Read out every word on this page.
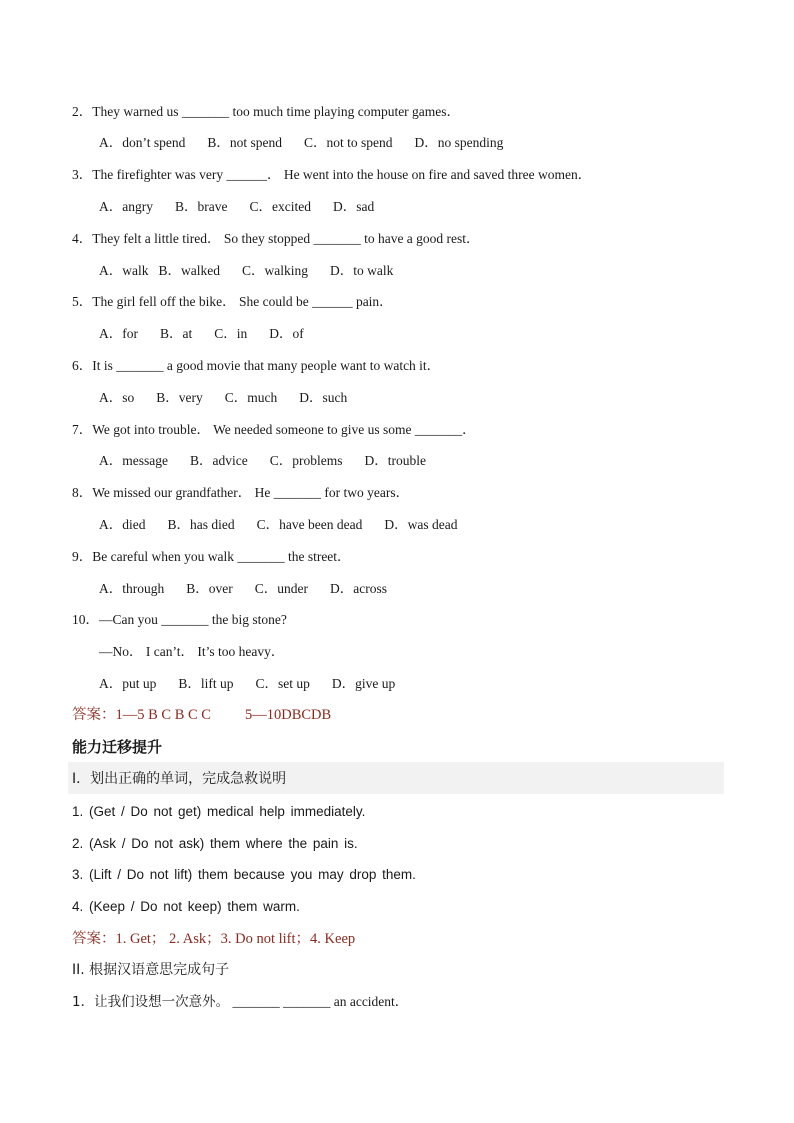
2．They warned us _______ too much time playing computer games．
A．don’t spend B．not spend C．not to spend D．no spending
3．The firefighter was very ______． He went into the house on fire and saved three women．
A．angry B．brave C．excited D．sad
4．They felt a little tired． So they stopped _______ to have a good rest．
A．walk B．walked C．walking D．to walk
5．The girl fell off the bike． She could be ______ pain．
A．for B．at C．in D．of
6．It is _______ a good movie that many people want to watch it．
A．so B．very C．much D．such
7．We got into trouble． We needed someone to give us some _______．
A．message B．advice C．problems D．trouble
8．We missed our grandfather． He _______ for two years．
A．died B．has died C．have been dead D．was dead
9．Be careful when you walk _______ the street．
A．through B．over C．under D．across
10．—Can you _______ the big stone?
—No． I can’t． It’s too heavy．
A．put up B．lift up C．set up D．give up
答案：1—5 B C B C C 5—10DBCDB
能力迁移提升
I．划出正确的单词，完成急救说明
1. (Get / Do not get) medical help immediately.
2. (Ask / Do not ask) them where the pain is.
3. (Lift / Do not lift) them because you may drop them.
4. (Keep / Do not keep) them warm.
答案：1. Get； 2. Ask；3. Do not lift；4. Keep
II. 根据汉语意思完成句子
1．让我们设想一次意外。 _______ _______ an accident．
